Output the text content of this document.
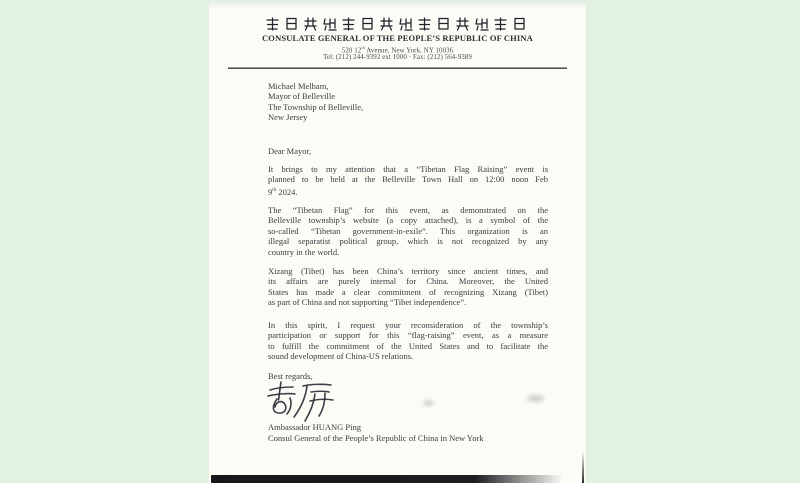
CONSULATE GENERAL OF THE PEOPLE’S REPUBLIC OF CHINA
520 12th Avenue, New York, NY 10036
Tel: (212) 244-9392 ext 1000 · Fax: (212) 564-9389
Michael Melham,
Mayor of Belleville
The Township of Belleville,
New Jersey
Dear Mayor,
It brings to my attention that a “Tibetan Flag Raising” event is
planned to be held at the Belleville Town Hall on 12:00 noon Feb
9th 2024.
The “Tibetan Flag” for this event, as demonstrated on the
Belleville township’s website (a copy attached), is a symbol of the
so-called “Tibetan government-in-exile”. This organization is an
illegal separatist political group, which is not recognized by any
country in the world.
Xizang (Tibet) has been China’s territory since ancient times, and
its affairs are purely internal for China. Moreover, the United
States has made a clear commitment of recognizing Xizang (Tibet)
as part of China and not supporting “Tibet independence”.
In this spirit, I request your reconsideration of the township’s
participation or support for this “flag-raising” event, as a measure
to fulfill the commitment of the United States and to facilitate the
sound development of China-US relations.
Best regards,
Ambassador HUANG Ping
Consul General of the People’s Republic of China in New York
